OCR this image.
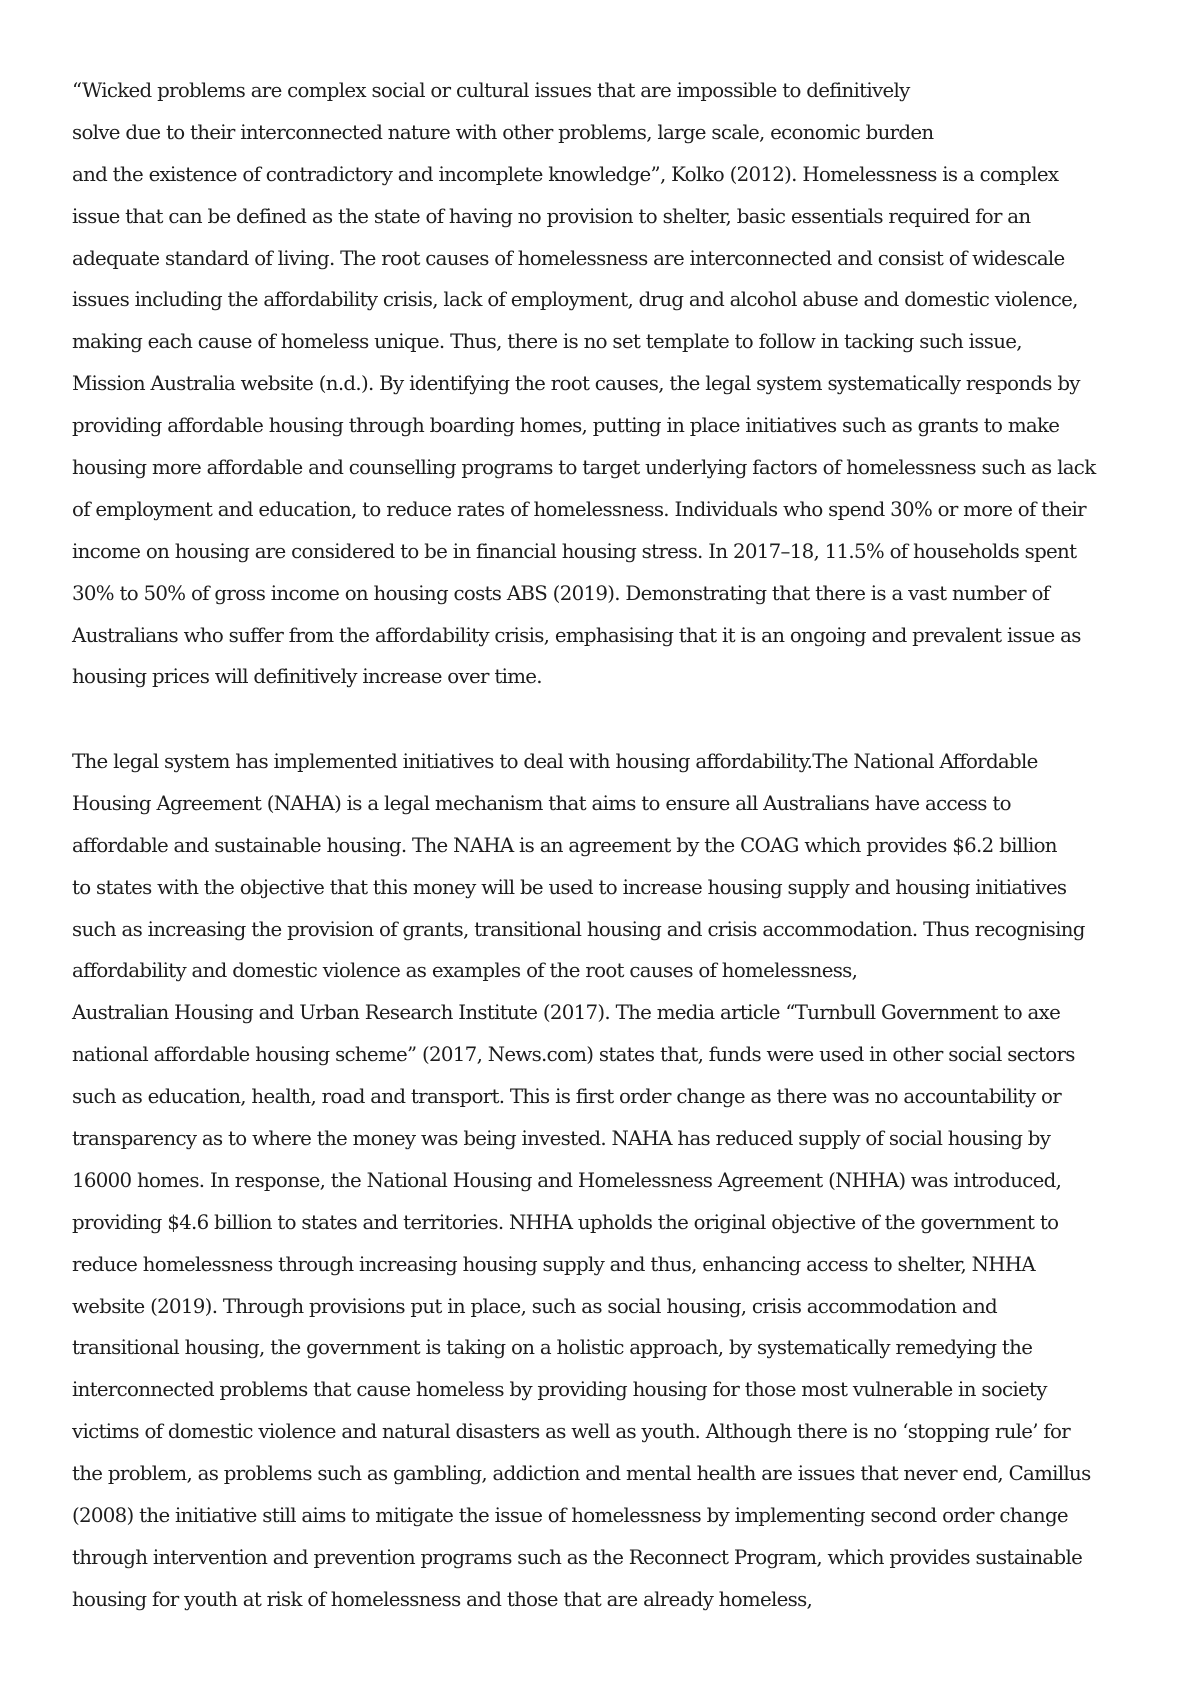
“Wicked problems are complex social or cultural issues that are impossible to definitively
solve due to their interconnected nature with other problems, large scale, economic burden
and the existence of contradictory and incomplete knowledge”, Kolko (2012). Homelessness is a complex
issue that can be defined as the state of having no provision to shelter, basic essentials required for an
adequate standard of living. The root causes of homelessness are interconnected and consist of widescale
issues including the affordability crisis, lack of employment, drug and alcohol abuse and domestic violence,
making each cause of homeless unique. Thus, there is no set template to follow in tacking such issue,
Mission Australia website (n.d.). By identifying the root causes, the legal system systematically responds by
providing affordable housing through boarding homes, putting in place initiatives such as grants to make
housing more affordable and counselling programs to target underlying factors of homelessness such as lack
of employment and education, to reduce rates of homelessness. Individuals who spend 30% or more of their
income on housing are considered to be in financial housing stress. In 2017–18, 11.5% of households spent
30% to 50% of gross income on housing costs ABS (2019). Demonstrating that there is a vast number of
Australians who suffer from the affordability crisis, emphasising that it is an ongoing and prevalent issue as
housing prices will definitively increase over time.
The legal system has implemented initiatives to deal with housing affordability.The National Affordable
Housing Agreement (NAHA) is a legal mechanism that aims to ensure all Australians have access to
affordable and sustainable housing. The NAHA is an agreement by the COAG which provides $6.2 billion
to states with the objective that this money will be used to increase housing supply and housing initiatives
such as increasing the provision of grants, transitional housing and crisis accommodation. Thus recognising
affordability and domestic violence as examples of the root causes of homelessness,
Australian Housing and Urban Research Institute (2017). The media article “Turnbull Government to axe
national affordable housing scheme” (2017, News.com) states that, funds were used in other social sectors
such as education, health, road and transport. This is first order change as there was no accountability or
transparency as to where the money was being invested. NAHA has reduced supply of social housing by
16000 homes. In response, the National Housing and Homelessness Agreement (NHHA) was introduced,
providing $4.6 billion to states and territories. NHHA upholds the original objective of the government to
reduce homelessness through increasing housing supply and thus, enhancing access to shelter, NHHA
website (2019). Through provisions put in place, such as social housing, crisis accommodation and
transitional housing, the government is taking on a holistic approach, by systematically remedying the
interconnected problems that cause homeless by providing housing for those most vulnerable in society
victims of domestic violence and natural disasters as well as youth. Although there is no ‘stopping rule’ for
the problem, as problems such as gambling, addiction and mental health are issues that never end, Camillus
(2008) the initiative still aims to mitigate the issue of homelessness by implementing second order change
through intervention and prevention programs such as the Reconnect Program, which provides sustainable
housing for youth at risk of homelessness and those that are already homeless,
